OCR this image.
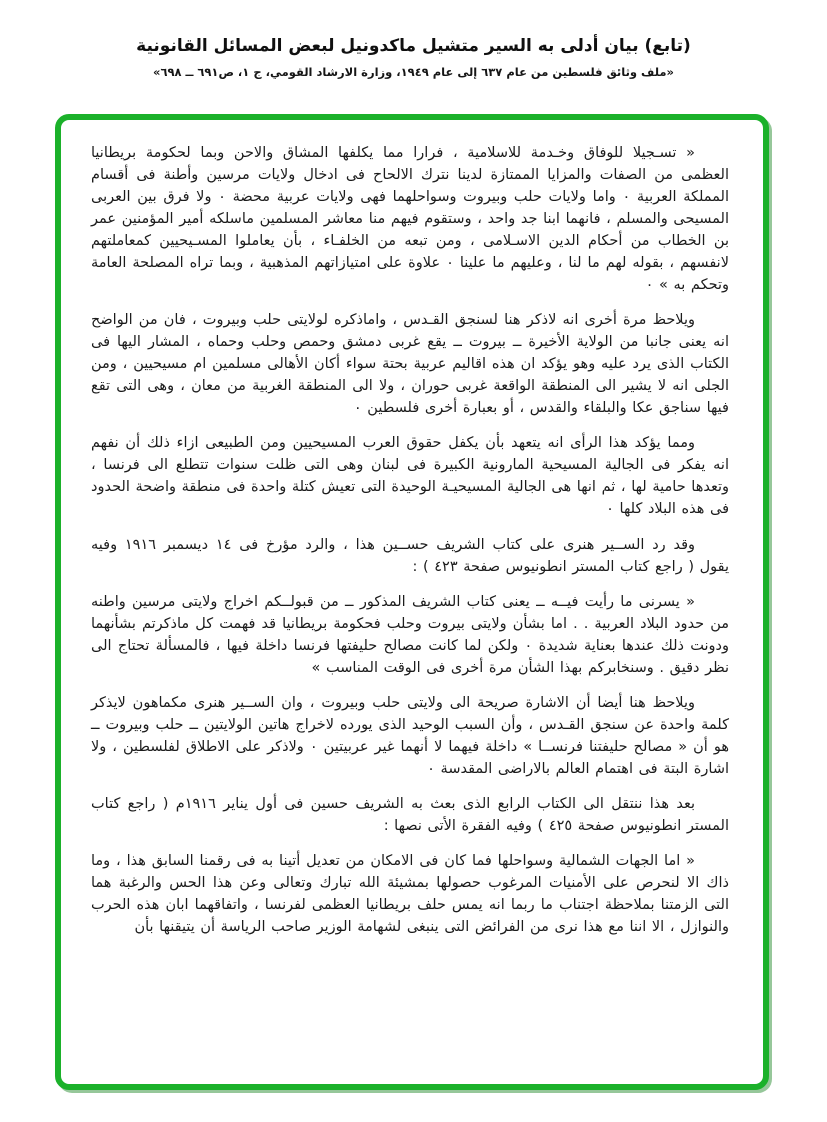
(تابع) بيان أدلى به السير متشيل ماكدونيل لبعض المسائل القانونية
«ملف وثائق فلسطين من عام ٦٣٧ إلى عام ١٩٤٩، وزارة الارشاد القومي، ج ١، ص٦٩١ ــ ٦٩٨»

« تسـجيلا للوفاق وخـدمة للاسلامية ، فرارا مما يكلفها المشاق والاحن وبما لحكومة بريطانيا العظمى من الصفات والمزايا الممتازة لدينا نترك الالحاح فى ادخال ولايات مرسين وأطنة فى أقسام المملكة العربية ٠ واما ولايات حلب وبيروت وسواحلهما فهى ولايات عربية محضة ٠ ولا فرق بين العربى المسيحى والمسلم ، فانهما ابنا جد واحد ، وستقوم فيهم منا معاشر المسلمين ماسلكه أمير المؤمنين عمر بن الخطاب من أحكام الدين الاسـلامى ، ومن تبعه من الخلفـاء ، بأن يعاملوا المسـيحيين كمعاملتهم لانفسهم ، بقوله لهم ما لنا ، وعليهم ما علينا ٠ علاوة على امتيازاتهم المذهبية ، وبما تراه المصلحة العامة وتحكم به » ٠

ويلاحظ مرة أخرى انه لاذكر هنا لسنجق القـدس ، واماذكره لولايتى حلب وبيروت ، فان من الواضح انه يعنى جانبا من الولاية الأخيرة ــ بيروت ــ يقع غربى دمشق وحمص وحلب وحماه ، المشار اليها فى الكتاب الذى يرد عليه وهو يؤكد ان هذه اقاليم عربية بحتة سواء أكان الأهالى مسلمين ام مسيحيين ، ومن الجلى انه لا يشير الى المنطقة الواقعة غربى حوران ، ولا الى المنطقة الغربية من معان ، وهى التى تقع فيها سناجق عكا والبلقاء والقدس ، أو بعبارة أخرى فلسطين ٠

ومما يؤكد هذا الرأى انه يتعهد بأن يكفل حقوق العرب المسيحيين ومن الطبيعى ازاء ذلك أن نفهم انه يفكر فى الجالية المسيحية المارونية الكبيرة فى لبنان وهى التى ظلت سنوات تتطلع الى فرنسا ، وتعدها حامية لها ، ثم انها هى الجالية المسيحيـة الوحيدة التى تعيش كتلة واحدة فى منطقة واضحة الحدود فى هذه البلاد كلها ٠

وقد رد الســير هنرى على كتاب الشريف حســين هذا ، والرد مؤرخ فى ١٤ ديسمبر ١٩١٦ وفيه يقول ( راجع كتاب المستر انطونيوس صفحة ٤٢٣ ) :

« يسرنى ما رأيت فيــه ــ يعنى كتاب الشريف المذكور ــ من قبولــكم اخراج ولايتى مرسين واطنه من حدود البلاد العربية . . اما بشأن ولايتى بيروت وحلب فحكومة بريطانيا قد فهمت كل ماذكرتم بشأنهما ودونت ذلك عندها بعناية شديدة ٠ ولكن لما كانت مصالح حليفتها فرنسا داخلة فيها ، فالمسألة تحتاج الى نظر دقيق . وسنخابركم بهذا الشأن مرة أخرى فى الوقت المناسب »

ويلاحظ هنا أيضا أن الاشارة صريحة الى ولايتى حلب وبيروت ، وان الســير هنرى مكماهون لايذكر كلمة واحدة عن سنجق القـدس ، وأن السبب الوحيد الذى يورده لاخراج هاتين الولايتين ــ حلب وبيروت ــ هو أن « مصالح حليفتنا فرنســا » داخلة فيهما لا أنهما غير عربيتين ٠ ولاذكر على الاطلاق لفلسطين ، ولا اشارة البتة فى اهتمام العالم بالاراضى المقدسة ٠

بعد هذا ننتقل الى الكتاب الرابع الذى بعث به الشريف حسين فى أول يناير ١٩١٦م ( راجع كتاب المستر انطونيوس صفحة ٤٢٥ ) وفيه الفقرة الأتى نصها :

« اما الجهات الشمالية وسواحلها فما كان فى الامكان من تعديل أتينا به فى رقمنا السابق هذا ، وما ذاك الا لنحرص على الأمنيات المرغوب حصولها بمشيئة الله تبارك وتعالى وعن هذا الحس والرغبة هما التى الزمتنا بملاحظة اجتناب ما ربما انه يمس حلف بريطانيا العظمى لفرنسا ، واتفاقهما ابان هذه الحرب والنوازل ، الا اننا مع هذا نرى من الفرائض التى ينبغى لشهامة الوزير صاحب الرياسة أن يتيقنها بأن
